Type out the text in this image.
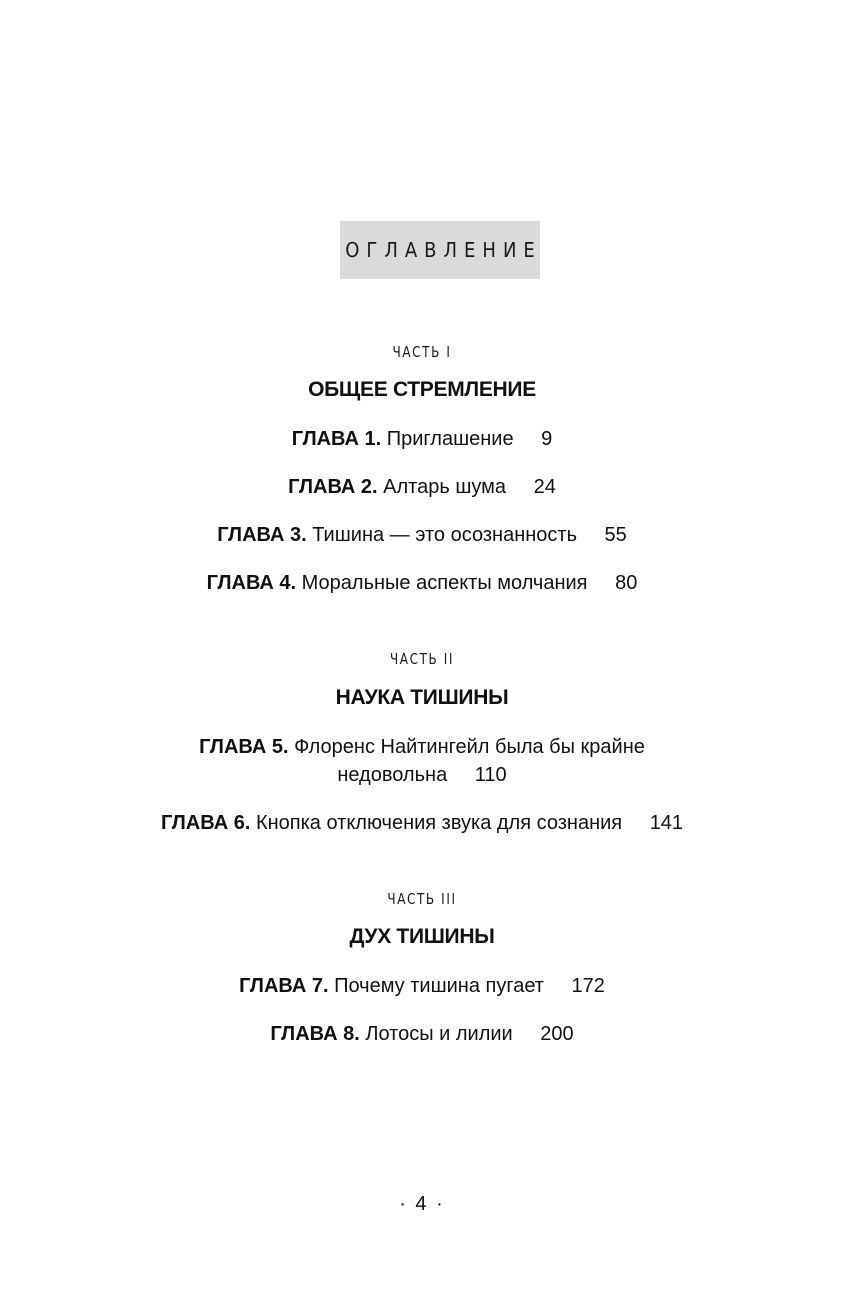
ОГЛАВЛЕНИЕ
ЧАСТЬ I
ОБЩЕЕ СТРЕМЛЕНИЕ
ГЛАВА 1. Приглашение 9
ГЛАВА 2. Алтарь шума 24
ГЛАВА 3. Тишина — это осознанность 55
ГЛАВА 4. Моральные аспекты молчания 80
ЧАСТЬ II
НАУКА ТИШИНЫ
ГЛАВА 5. Флоренс Найтингейл была бы крайне
недовольна 110
ГЛАВА 6. Кнопка отключения звука для сознания 141
ЧАСТЬ III
ДУХ ТИШИНЫ
ГЛАВА 7. Почему тишина пугает 172
ГЛАВА 8. Лотосы и лилии 200
· 4 ·
